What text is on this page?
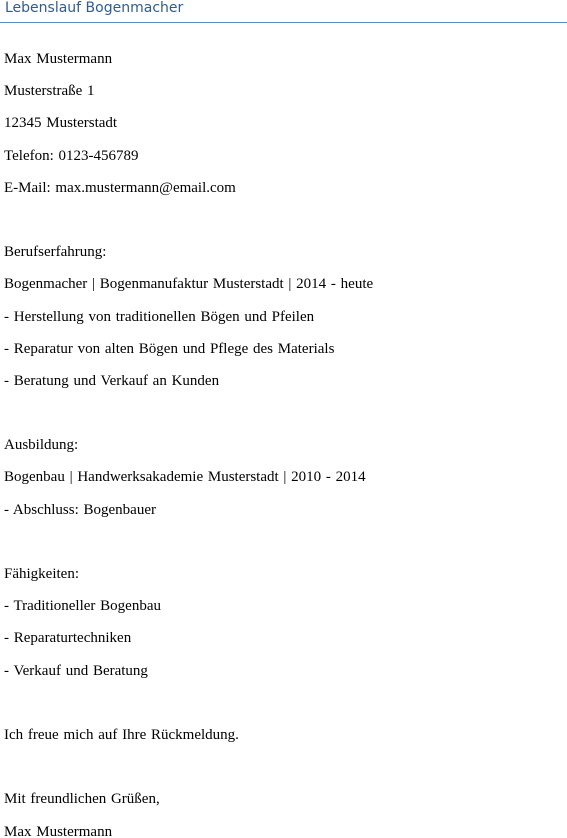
Lebenslauf Bogenmacher
Max Mustermann
Musterstraße 1
12345 Musterstadt
Telefon: 0123-456789
E-Mail: max.mustermann@email.com
Berufserfahrung:
Bogenmacher | Bogenmanufaktur Musterstadt | 2014 - heute
- Herstellung von traditionellen Bögen und Pfeilen
- Reparatur von alten Bögen und Pflege des Materials
- Beratung und Verkauf an Kunden
Ausbildung:
Bogenbau | Handwerksakademie Musterstadt | 2010 - 2014
- Abschluss: Bogenbauer
Fähigkeiten:
- Traditioneller Bogenbau
- Reparaturtechniken
- Verkauf und Beratung
Ich freue mich auf Ihre Rückmeldung.
Mit freundlichen Grüßen,
Max Mustermann
